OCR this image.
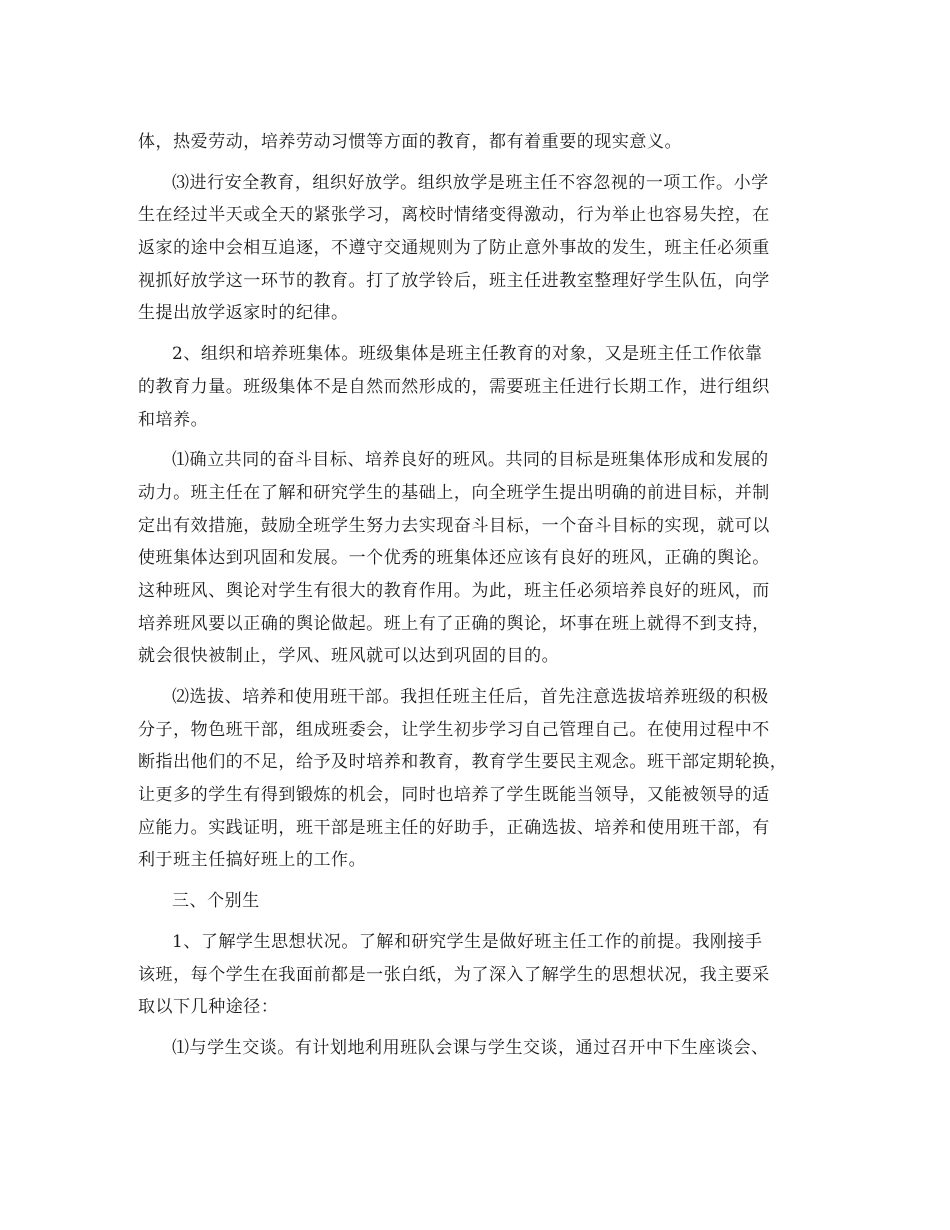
体，热爱劳动，培养劳动习惯等方面的教育，都有着重要的现实意义。
⑶进行安全教育，组织好放学。组织放学是班主任不容忽视的一项工作。小学
生在经过半天或全天的紧张学习，离校时情绪变得激动，行为举止也容易失控，在
返家的途中会相互追逐，不遵守交通规则为了防止意外事故的发生，班主任必须重
视抓好放学这一环节的教育。打了放学铃后，班主任进教室整理好学生队伍，向学
生提出放学返家时的纪律。
2、组织和培养班集体。班级集体是班主任教育的对象，又是班主任工作依靠
的教育力量。班级集体不是自然而然形成的，需要班主任进行长期工作，进行组织
和培养。
⑴确立共同的奋斗目标、培养良好的班风。共同的目标是班集体形成和发展的
动力。班主任在了解和研究学生的基础上，向全班学生提出明确的前进目标，并制
定出有效措施，鼓励全班学生努力去实现奋斗目标，一个奋斗目标的实现，就可以
使班集体达到巩固和发展。一个优秀的班集体还应该有良好的班风，正确的舆论。
这种班风、舆论对学生有很大的教育作用。为此，班主任必须培养良好的班风，而
培养班风要以正确的舆论做起。班上有了正确的舆论，坏事在班上就得不到支持，
就会很快被制止，学风、班风就可以达到巩固的目的。
⑵选拔、培养和使用班干部。我担任班主任后，首先注意选拔培养班级的积极
分子，物色班干部，组成班委会，让学生初步学习自己管理自己。在使用过程中不
断指出他们的不足，给予及时培养和教育，教育学生要民主观念。班干部定期轮换，
让更多的学生有得到锻炼的机会，同时也培养了学生既能当领导，又能被领导的适
应能力。实践证明，班干部是班主任的好助手，正确选拔、培养和使用班干部，有
利于班主任搞好班上的工作。
三、个别生
1、了解学生思想状况。了解和研究学生是做好班主任工作的前提。我刚接手
该班，每个学生在我面前都是一张白纸，为了深入了解学生的思想状况，我主要采
取以下几种途径：
⑴与学生交谈。有计划地利用班队会课与学生交谈，通过召开中下生座谈会、
